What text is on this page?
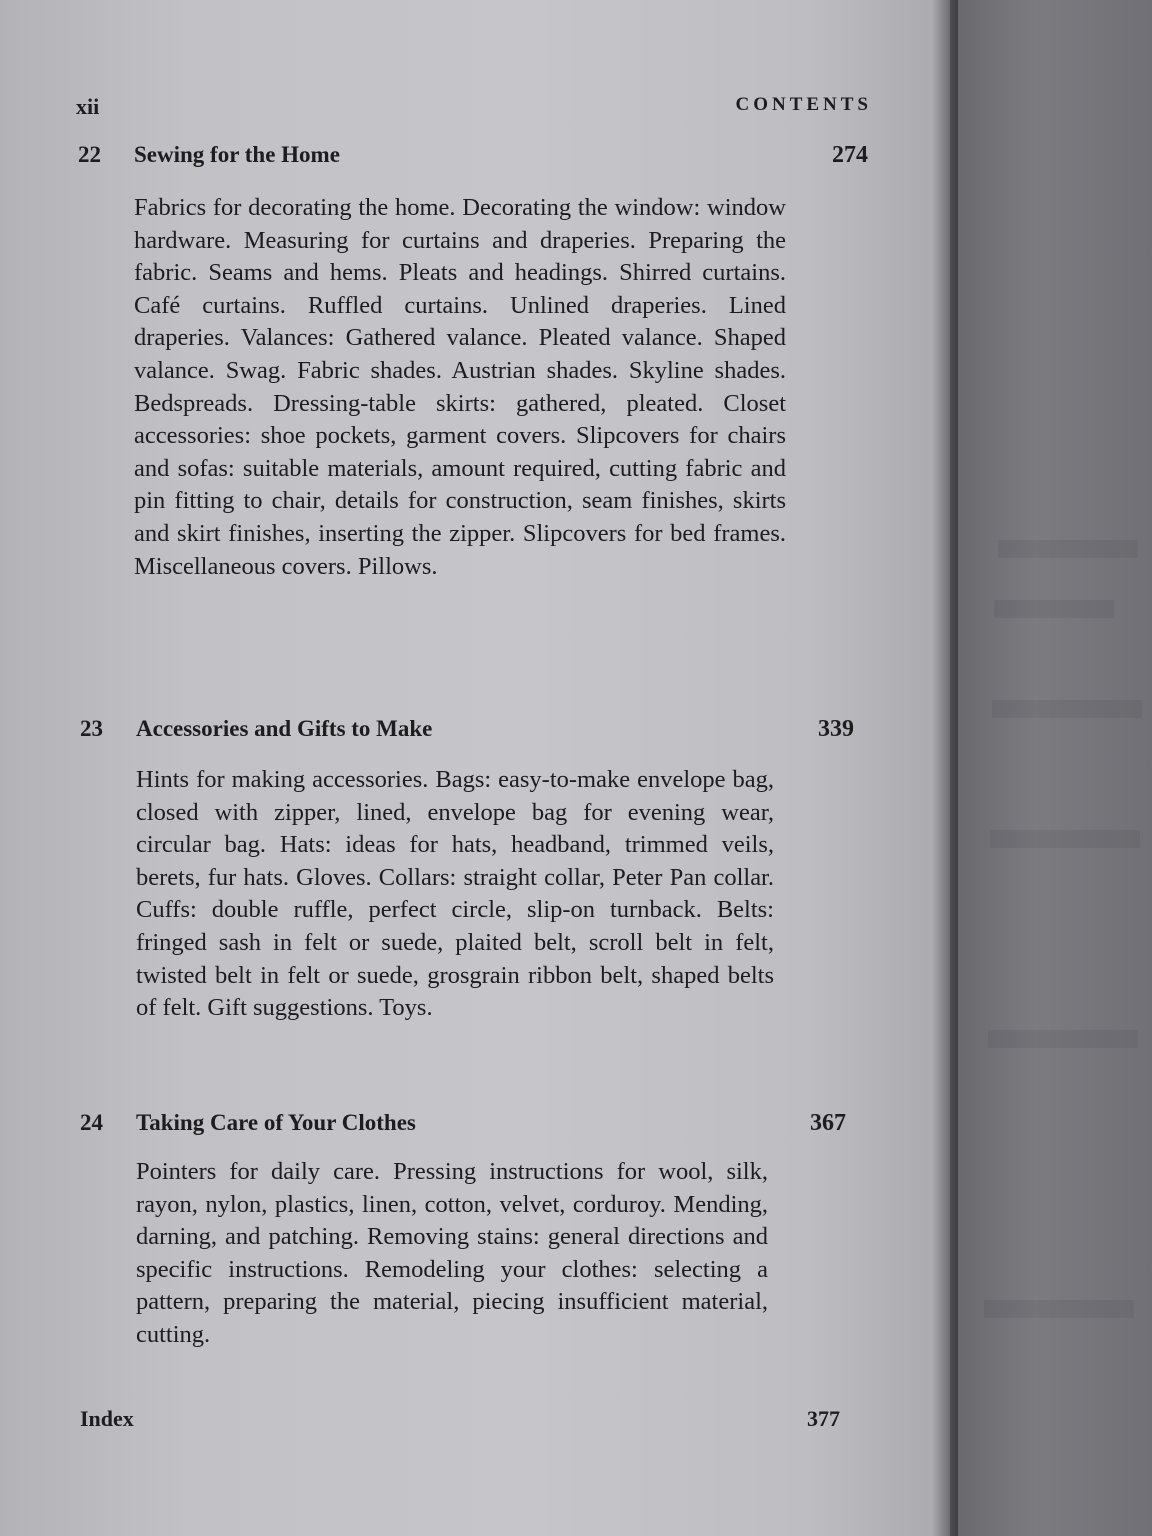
xii	CONTENTS
22 Sewing for the Home	274

Fabrics for decorating the home. Decorating the window: window hardware. Measuring for curtains and draperies. Preparing the fabric. Seams and hems. Pleats and headings. Shirred curtains. Café curtains. Ruffled curtains. Unlined draperies. Lined draperies. Valances: Gathered valance. Pleated valance. Shaped valance. Swag. Fabric shades. Austrian shades. Skyline shades. Bedspreads. Dressing-table skirts: gathered, pleated. Closet accessories: shoe pockets, garment covers. Slipcovers for chairs and sofas: suitable materials, amount required, cutting fabric and pin fitting to chair, details for construction, seam finishes, skirts and skirt finishes, inserting the zipper. Slipcovers for bed frames. Miscellaneous covers. Pillows.

23 Accessories and Gifts to Make	339

Hints for making accessories. Bags: easy-to-make envelope bag, closed with zipper, lined, envelope bag for evening wear, circular bag. Hats: ideas for hats, headband, trimmed veils, berets, fur hats. Gloves. Collars: straight collar, Peter Pan collar. Cuffs: double ruffle, perfect circle, slip-on turnback. Belts: fringed sash in felt or suede, plaited belt, scroll belt in felt, twisted belt in felt or suede, grosgrain ribbon belt, shaped belts of felt. Gift suggestions. Toys.

24 Taking Care of Your Clothes	367

Pointers for daily care. Pressing instructions for wool, silk, rayon, nylon, plastics, linen, cotton, velvet, corduroy. Mending, darning, and patching. Removing stains: general directions and specific instructions. Remodeling your clothes: selecting a pattern, preparing the material, piecing insufficient material, cutting.

Index	377
